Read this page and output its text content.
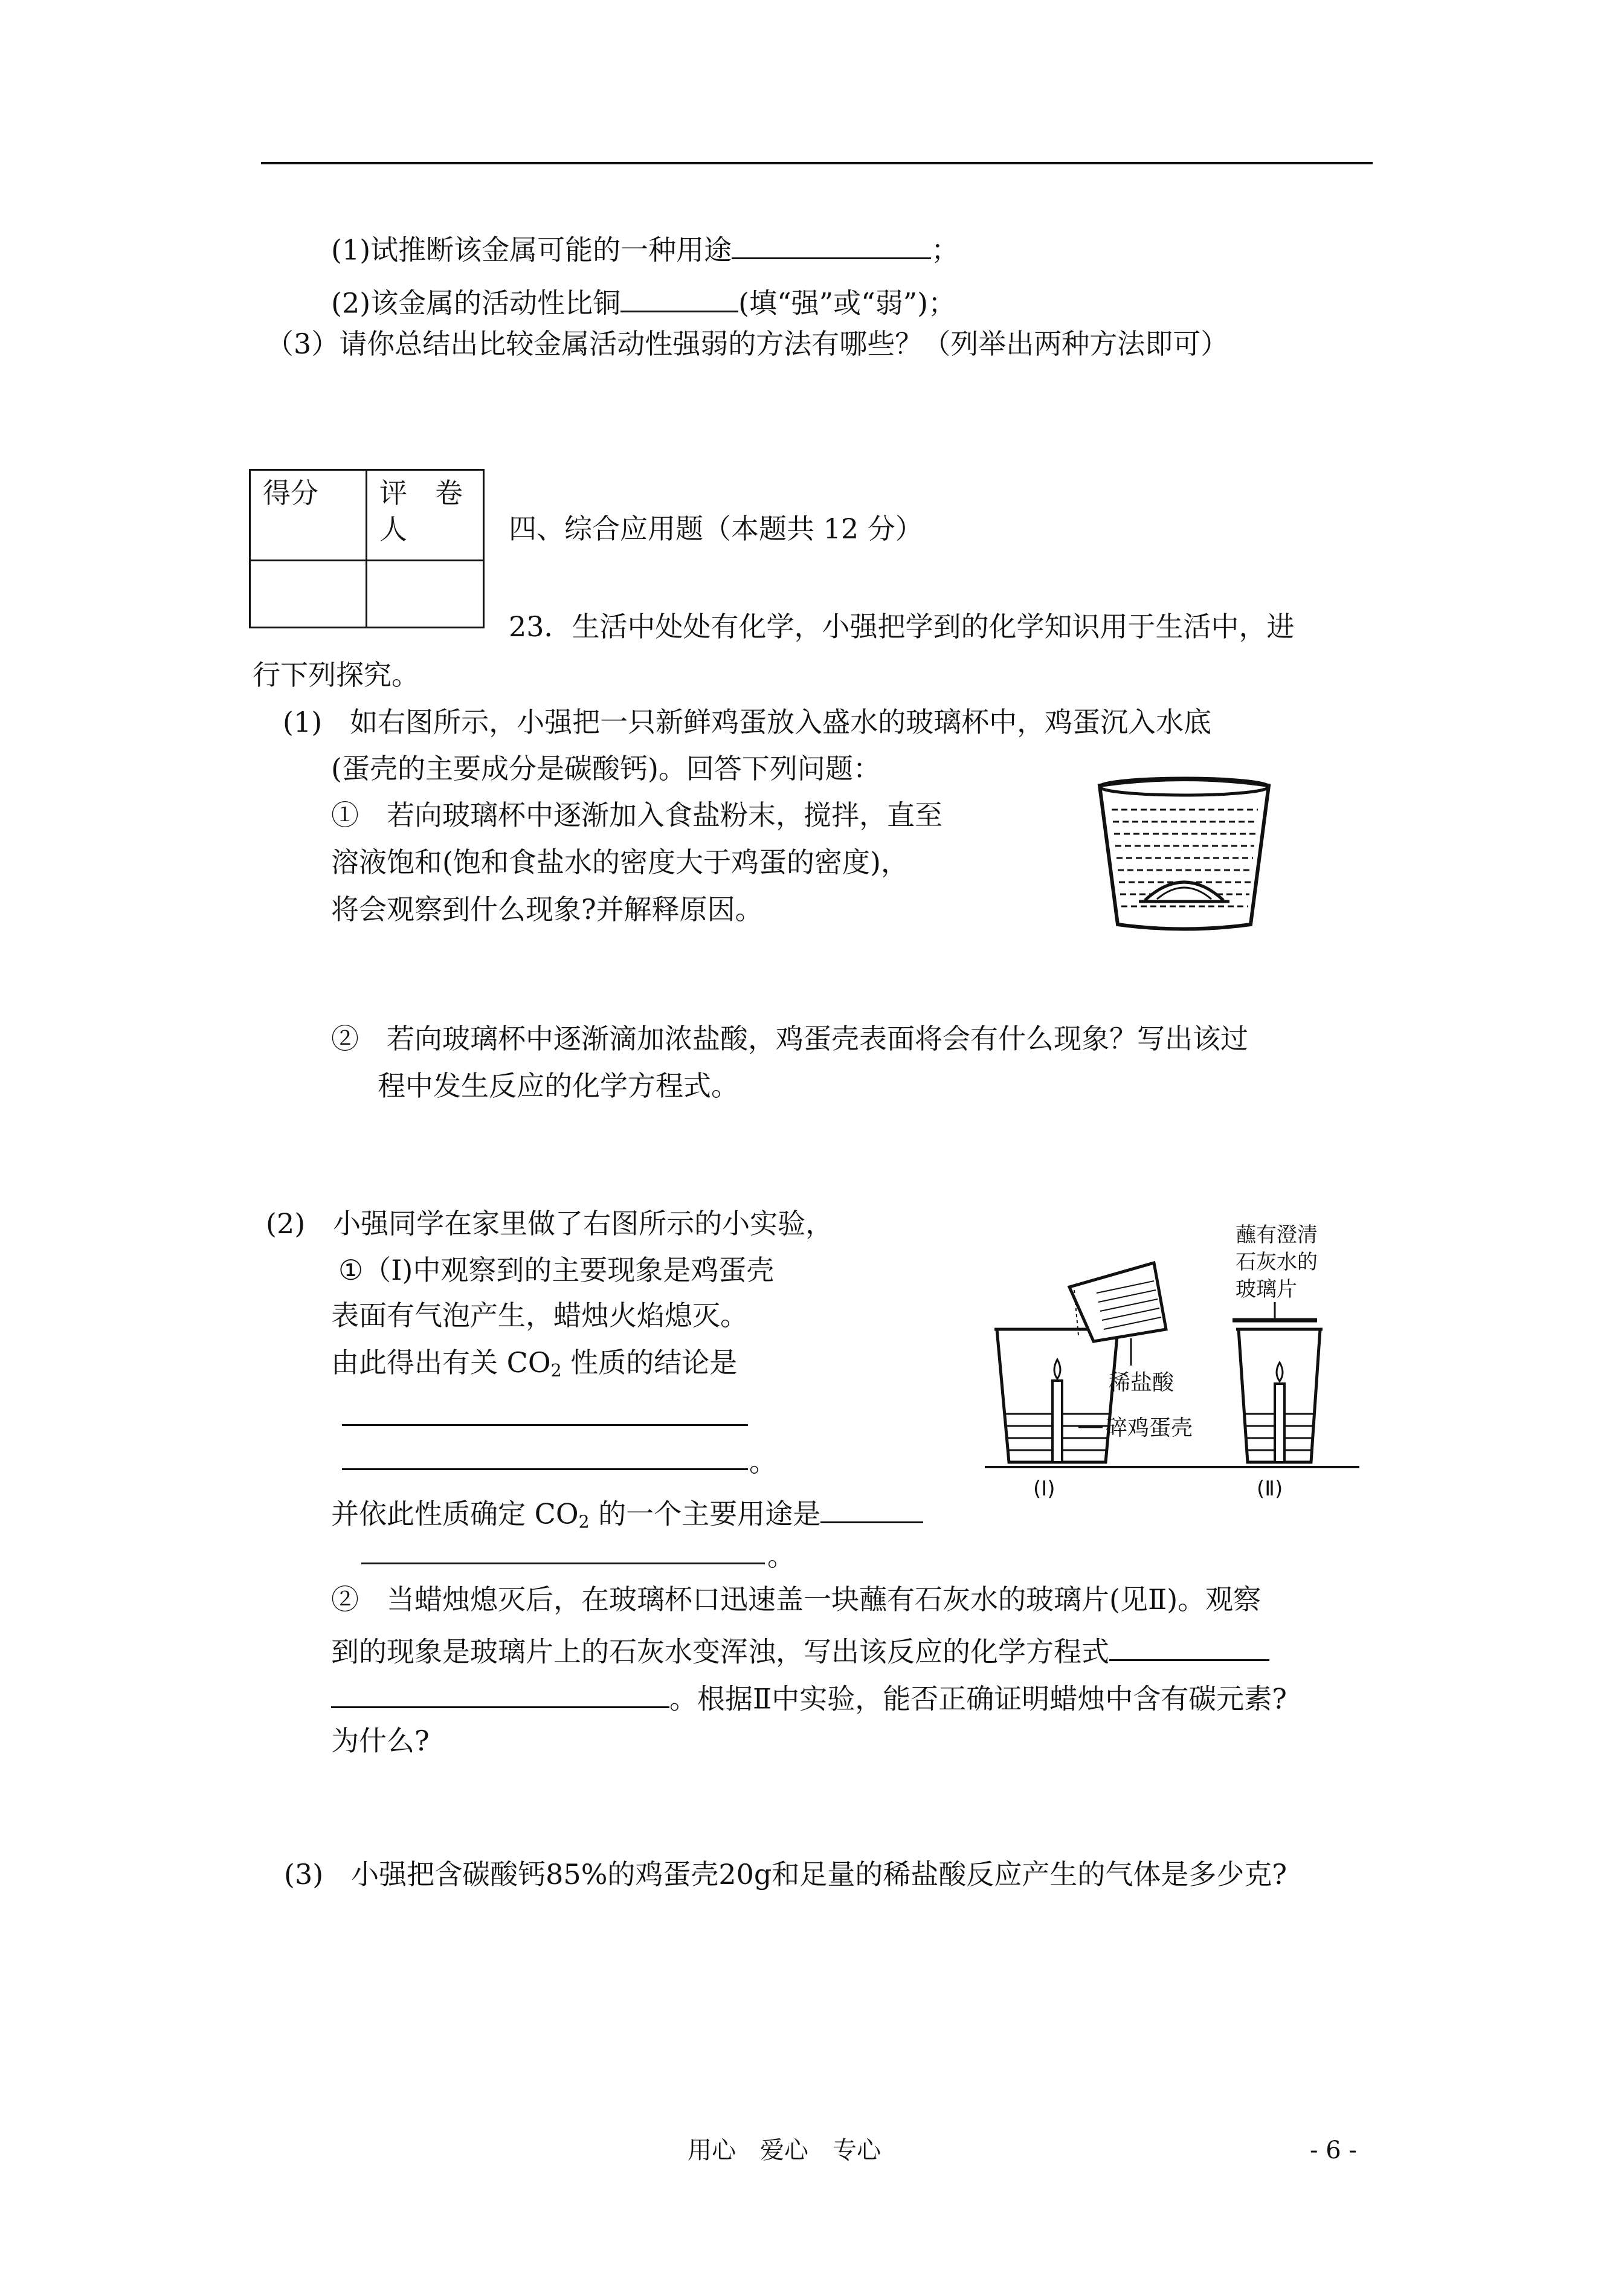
(1)试推断该金属可能的一种用途	；
(2)该金属的活动性比铜	(填“强”或“弱”)；
（3）请你总结出比较金属活动性强弱的方法有哪些？（列举出两种方法即可）
得分	评　卷
人

		四、综合应用题（本题共 12 分）
23．生活中处处有化学，小强把学到的化学知识用于生活中，进
行下列探究。
(1)　如右图所示，小强把一只新鲜鸡蛋放入盛水的玻璃杯中，鸡蛋沉入水底
(蛋壳的主要成分是碳酸钙)。回答下列问题：
①　若向玻璃杯中逐渐加入食盐粉末，搅拌，直至
溶液饱和(饱和食盐水的密度大于鸡蛋的密度)，
将会观察到什么现象?并解释原因。
②　若向玻璃杯中逐渐滴加浓盐酸，鸡蛋壳表面将会有什么现象？写出该过
程中发生反应的化学方程式。
(2)　小强同学在家里做了右图所示的小实验，
①（Ⅰ)中观察到的主要现象是鸡蛋壳
表面有气泡产生，蜡烛火焰熄灭。
由此得出有关 $CO_2$ 性质的结论是
。
并依此性质确定 $CO_2$ 的一个主要用途是
。
②　当蜡烛熄灭后，在玻璃杯口迅速盖一块蘸有石灰水的玻璃片(见Ⅱ)。观察
到的现象是玻璃片上的石灰水变浑浊，写出该反应的化学方程式
。根据Ⅱ中实验，能否正确证明蜡烛中含有碳元素?
为什么?
稀盐酸
碎鸡蛋壳
(Ⅰ)
蘸有澄清
石灰水的
玻璃片
(Ⅱ)
(3)　小强把含碳酸钙85%的鸡蛋壳20g和足量的稀盐酸反应产生的气体是多少克?
用心　爱心　专心	- 6 -
